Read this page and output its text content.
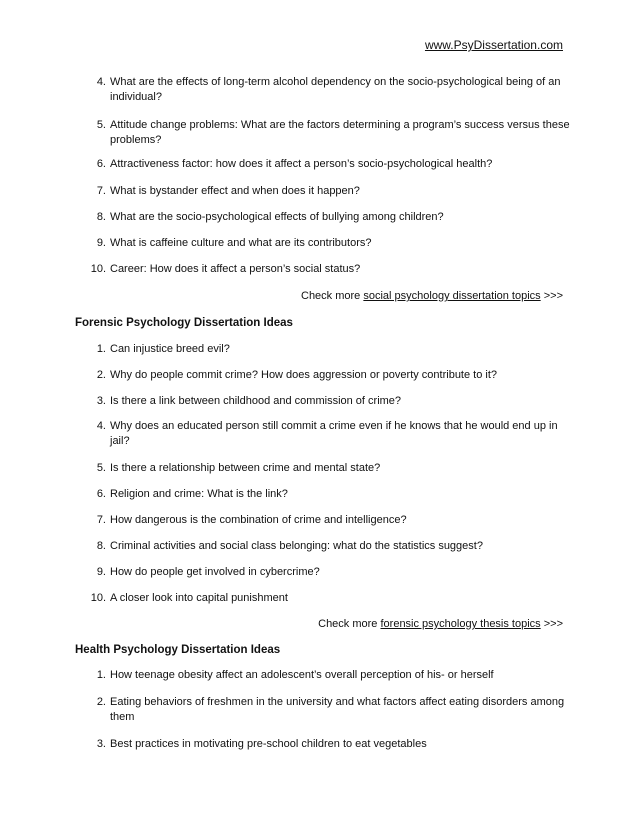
www.PsyDissertation.com
4. What are the effects of long-term alcohol dependency on the socio-psychological being of an individual?
5. Attitude change problems: What are the factors determining a program’s success versus these problems?
6. Attractiveness factor: how does it affect a person’s socio-psychological health?
7. What is bystander effect and when does it happen?
8. What are the socio-psychological effects of bullying among children?
9. What is caffeine culture and what are its contributors?
10. Career: How does it affect a person’s social status?
Check more social psychology dissertation topics >>>
Forensic Psychology Dissertation Ideas
1. Can injustice breed evil?
2. Why do people commit crime? How does aggression or poverty contribute to it?
3. Is there a link between childhood and commission of crime?
4. Why does an educated person still commit a crime even if he knows that he would end up in jail?
5. Is there a relationship between crime and mental state?
6. Religion and crime: What is the link?
7. How dangerous is the combination of crime and intelligence?
8. Criminal activities and social class belonging: what do the statistics suggest?
9. How do people get involved in cybercrime?
10. A closer look into capital punishment
Check more forensic psychology thesis topics >>>
Health Psychology Dissertation Ideas
1. How teenage obesity affect an adolescent’s overall perception of his- or herself
2. Eating behaviors of freshmen in the university and what factors affect eating disorders among them
3. Best practices in motivating pre-school children to eat vegetables
